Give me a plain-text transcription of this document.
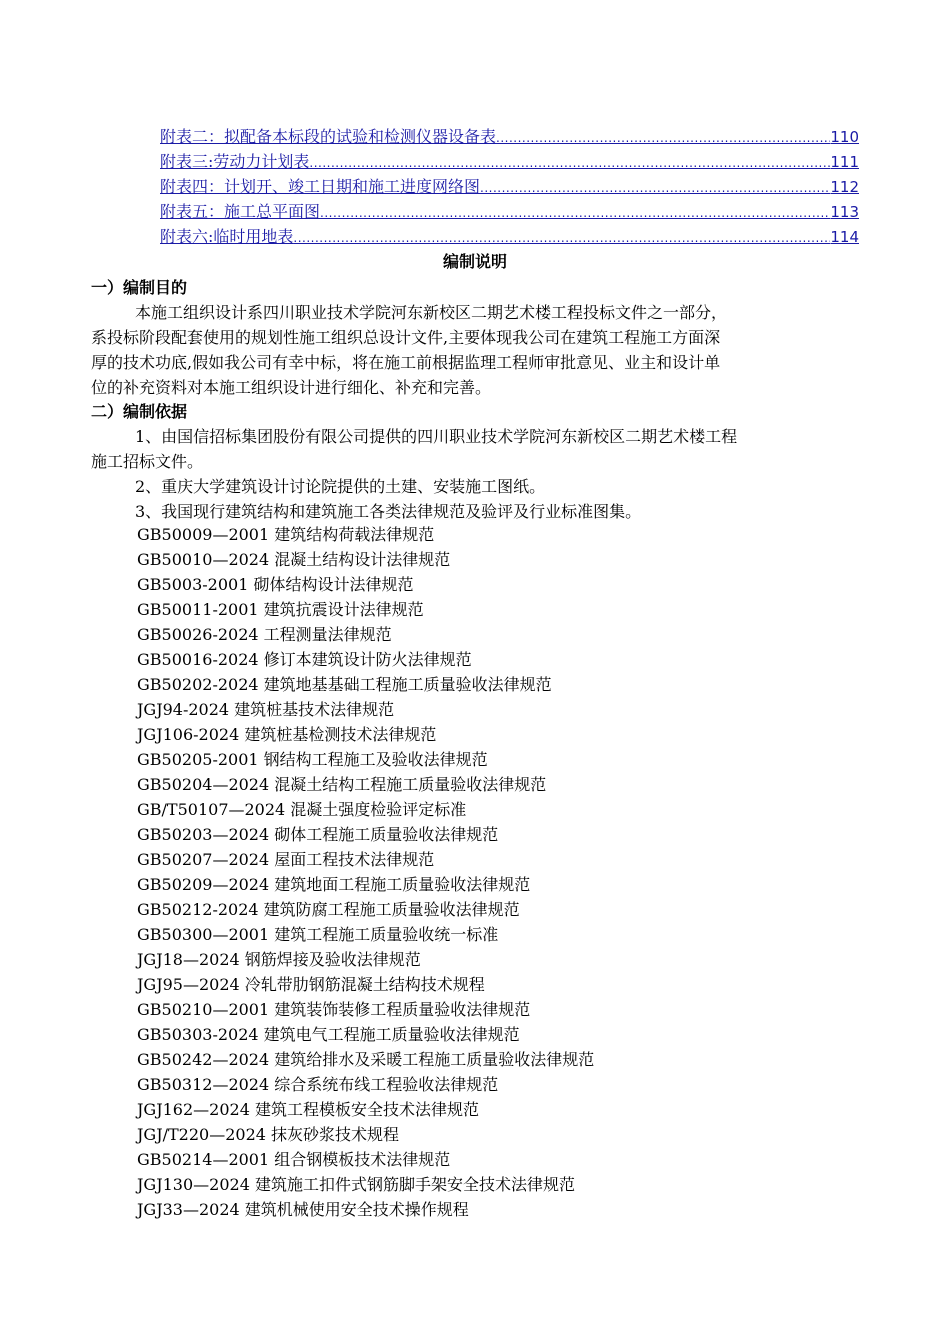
附表二：拟配备本标段的试验和检测仪器设备表 .....	110
附表三:劳动力计划表 .....	111
附表四：计划开、竣工日期和施工进度网络图 .....	112
附表五：施工总平面图 .....	113
附表六:临时用地表 .....	114
编制说明
一）编制目的
本施工组织设计系四川职业技术学院河东新校区二期艺术楼工程投标文件之一部分，
系投标阶段配套使用的规划性施工组织总设计文件,主要体现我公司在建筑工程施工方面深
厚的技术功底,假如我公司有幸中标，将在施工前根据监理工程师审批意见、业主和设计单
位的补充资料对本施工组织设计进行细化、补充和完善。
二）编制依据
1、由国信招标集团股份有限公司提供的四川职业技术学院河东新校区二期艺术楼工程
施工招标文件。
2、重庆大学建筑设计讨论院提供的土建、安装施工图纸。
3、我国现行建筑结构和建筑施工各类法律规范及验评及行业标准图集。
GB50009—2001 建筑结构荷载法律规范
GB50010—2024 混凝土结构设计法律规范
GB5003-2001 砌体结构设计法律规范
GB50011-2001 建筑抗震设计法律规范
GB50026-2024 工程测量法律规范
GB50016-2024 修订本建筑设计防火法律规范
GB50202-2024 建筑地基基础工程施工质量验收法律规范
JGJ94-2024 建筑桩基技术法律规范
JGJ106-2024 建筑桩基检测技术法律规范
GB50205-2001 钢结构工程施工及验收法律规范
GB50204—2024 混凝土结构工程施工质量验收法律规范
GB/T50107—2024 混凝土强度检验评定标准
GB50203—2024 砌体工程施工质量验收法律规范
GB50207—2024 屋面工程技术法律规范
GB50209—2024 建筑地面工程施工质量验收法律规范
GB50212-2024 建筑防腐工程施工质量验收法律规范
GB50300—2001 建筑工程施工质量验收统一标准
JGJ18—2024 钢筋焊接及验收法律规范
JGJ95—2024 冷轧带肋钢筋混凝土结构技术规程
GB50210—2001 建筑装饰装修工程质量验收法律规范
GB50303-2024 建筑电气工程施工质量验收法律规范
GB50242—2024 建筑给排水及采暖工程施工质量验收法律规范
GB50312—2024 综合系统布线工程验收法律规范
JGJ162—2024 建筑工程模板安全技术法律规范
JGJ/T220—2024 抹灰砂浆技术规程
GB50214—2001 组合钢模板技术法律规范
JGJ130—2024 建筑施工扣件式钢筋脚手架安全技术法律规范
JGJ33—2024 建筑机械使用安全技术操作规程
